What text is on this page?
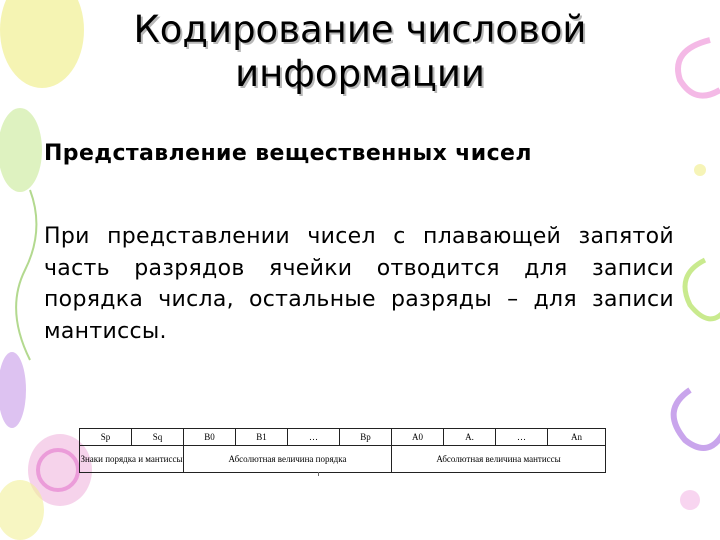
Кодирование числовой информации
Представление вещественных чисел
При представлении чисел с плавающей запятой часть разрядов ячейки отводится для записи порядка числа, остальные разряды – для записи мантиссы.
Sp	Sq	B0	B1	…	Bp	A0	A.	…	An
Знаки порядка и мантиссы		Абсолютная величина порядка				Абсолютная величина мантиссы			
